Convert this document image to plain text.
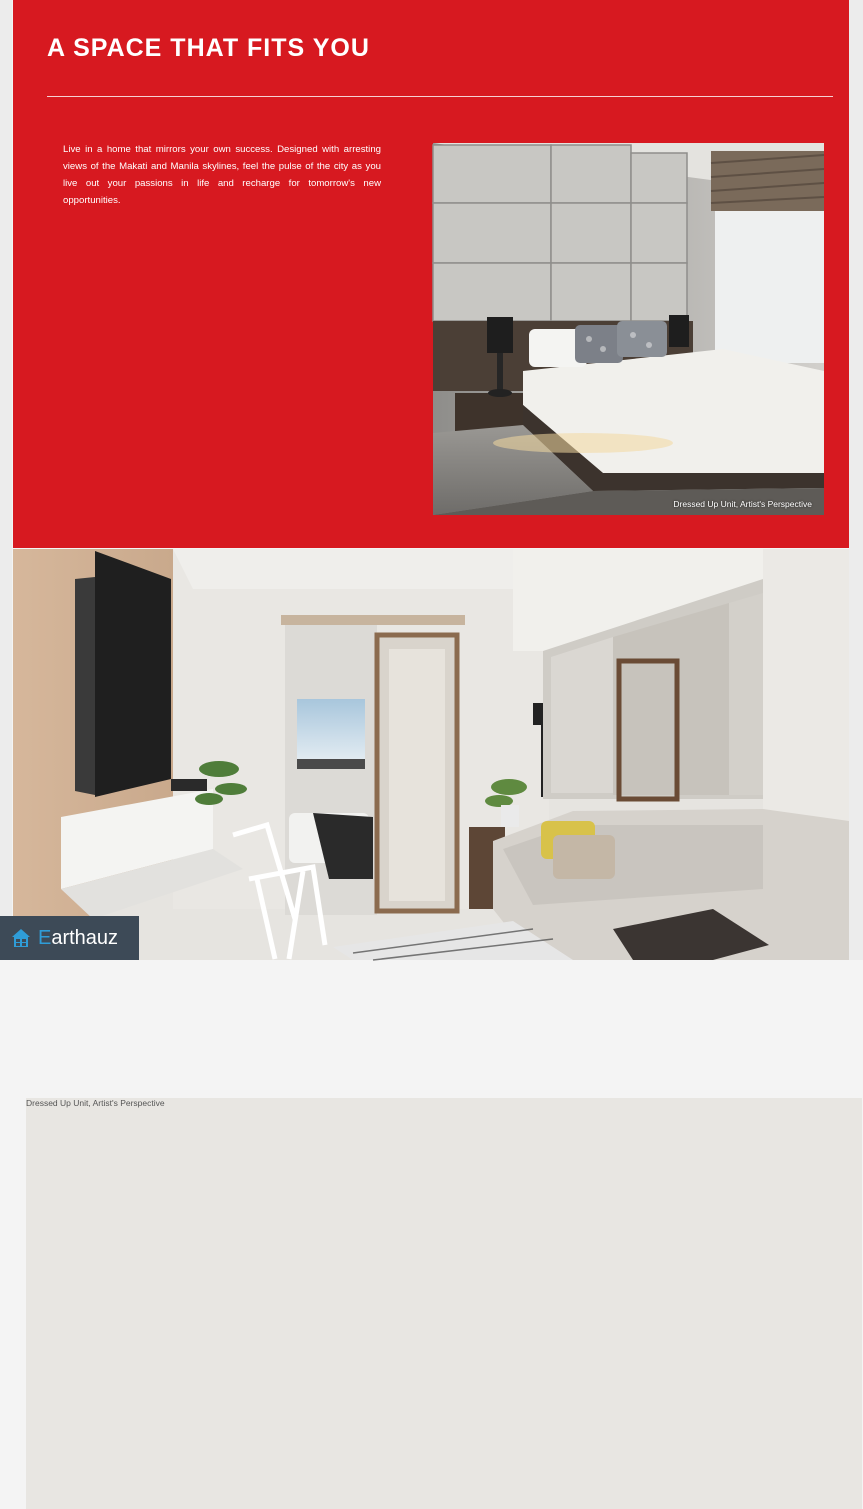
A SPACE THAT FITS YOU

Live in a home that mirrors your own success. Designed with arresting views of the Makati and Manila skylines, feel the pulse of the city as you live out your passions in life and recharge for tomorrow's new opportunities.

Dressed Up Unit, Artist's Perspective
Dressed Up Unit, Artist's Perspective
Earthauz
